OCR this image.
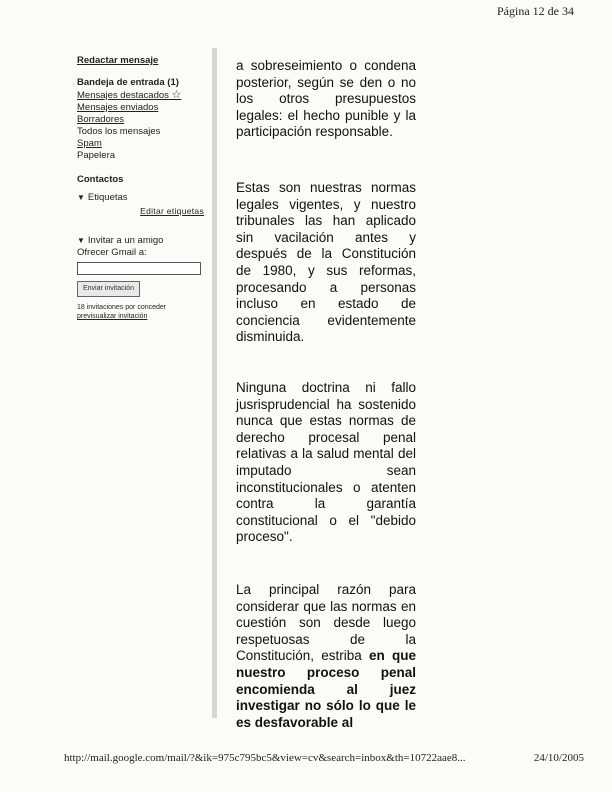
Página 12 de 34
Redactar mensaje
Bandeja de entrada (1)
Mensajes destacados ☆
Mensajes enviados
Borradores
Todos los mensajes
Spam
Papelera
Contactos
▼ Etiquetas
Editar etiquetas
▼ Invitar a un amigo
Ofrecer Gmail a:
Enviar invitación
18 invitaciones por conceder
previsualizar invitación

a sobreseimiento o condena posterior, según se den o no los otros presupuestos legales: el hecho punible y la participación responsable.

Estas son nuestras normas legales vigentes, y nuestro tribunales las han aplicado sin vacilación antes y después de la Constitución de 1980, y sus reformas, procesando a personas incluso en estado de conciencia evidentemente disminuida.

Ninguna doctrina ni fallo jusrisprudencial ha sostenido nunca que estas normas de derecho procesal penal relativas a la salud mental del imputado sean inconstitucionales o atenten contra la garantía constitucional o el "debido proceso".

La principal razón para considerar que las normas en cuestión son desde luego respetuosas de la Constitución, estriba en que nuestro proceso penal encomienda al juez investigar no sólo lo que le es desfavorable al

http://mail.google.com/mail/?&ik=975c795bc5&view=cv&search=inbox&th=10722aae8...	24/10/2005
